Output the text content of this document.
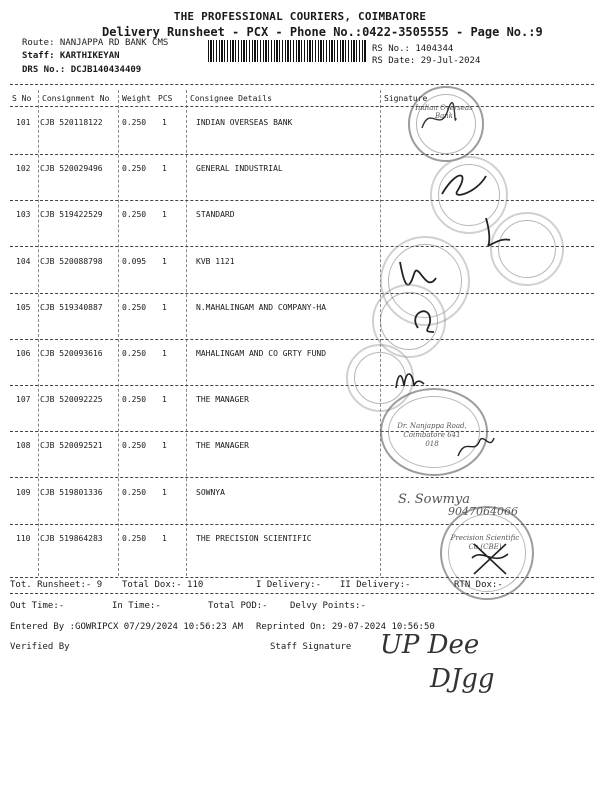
THE PROFESSIONAL COURIERS, COIMBATORE
Delivery Runsheet - PCX - Phone No.:0422-3505555 - Page No.:9
Route: NANJAPPA RD BANK CMS
Staff: KARTHIKEYAN
DRS No.: DCJB140434409
RS No.: 1404344
RS Date: 29-Jul-2024
S No Consignment No Weight PCS Consignee Details	Signature
101 CJB 520118122 0.250 1	INDIAN OVERSEAS BANK
102 CJB 520029496 0.250 1	GENERAL INDUSTRIAL
103 CJB 519422529 0.250 1	STANDARD
104 CJB 520088798 0.095 1	KVB 1121
105 CJB 519340887 0.250 1	N.MAHALINGAM AND COMPANY-HA
106 CJB 520093616 0.250 1	MAHALINGAM AND CO GRTY FUND
107 CJB 520092225 0.250 1	THE MANAGER
108 CJB 520092521 0.250 1	THE MANAGER
109 CJB 519801336 0.250 1	SOWNYA
110 CJB 519864283 0.250 1	THE PRECISION SCIENTIFIC
Indian Overseas Bank
Dr. Nanjappa Road, Coimbatore 641 018
S. Sowmya
9047064066
Precision Scientific Co (CBE)
Tot. Runsheet:- 9 Total Dox:- 110	I Delivery:- II Delivery:-	RTN Dox:-
Out Time:-	In Time:-	Total POD:- Delvy Points:-
Entered By :GOWRIPCX 07/29/2024 10:56:23 AM Reprinted On: 29-07-2024 10:56:50
Verified By	Staff Signature UP Dee
DJgg
